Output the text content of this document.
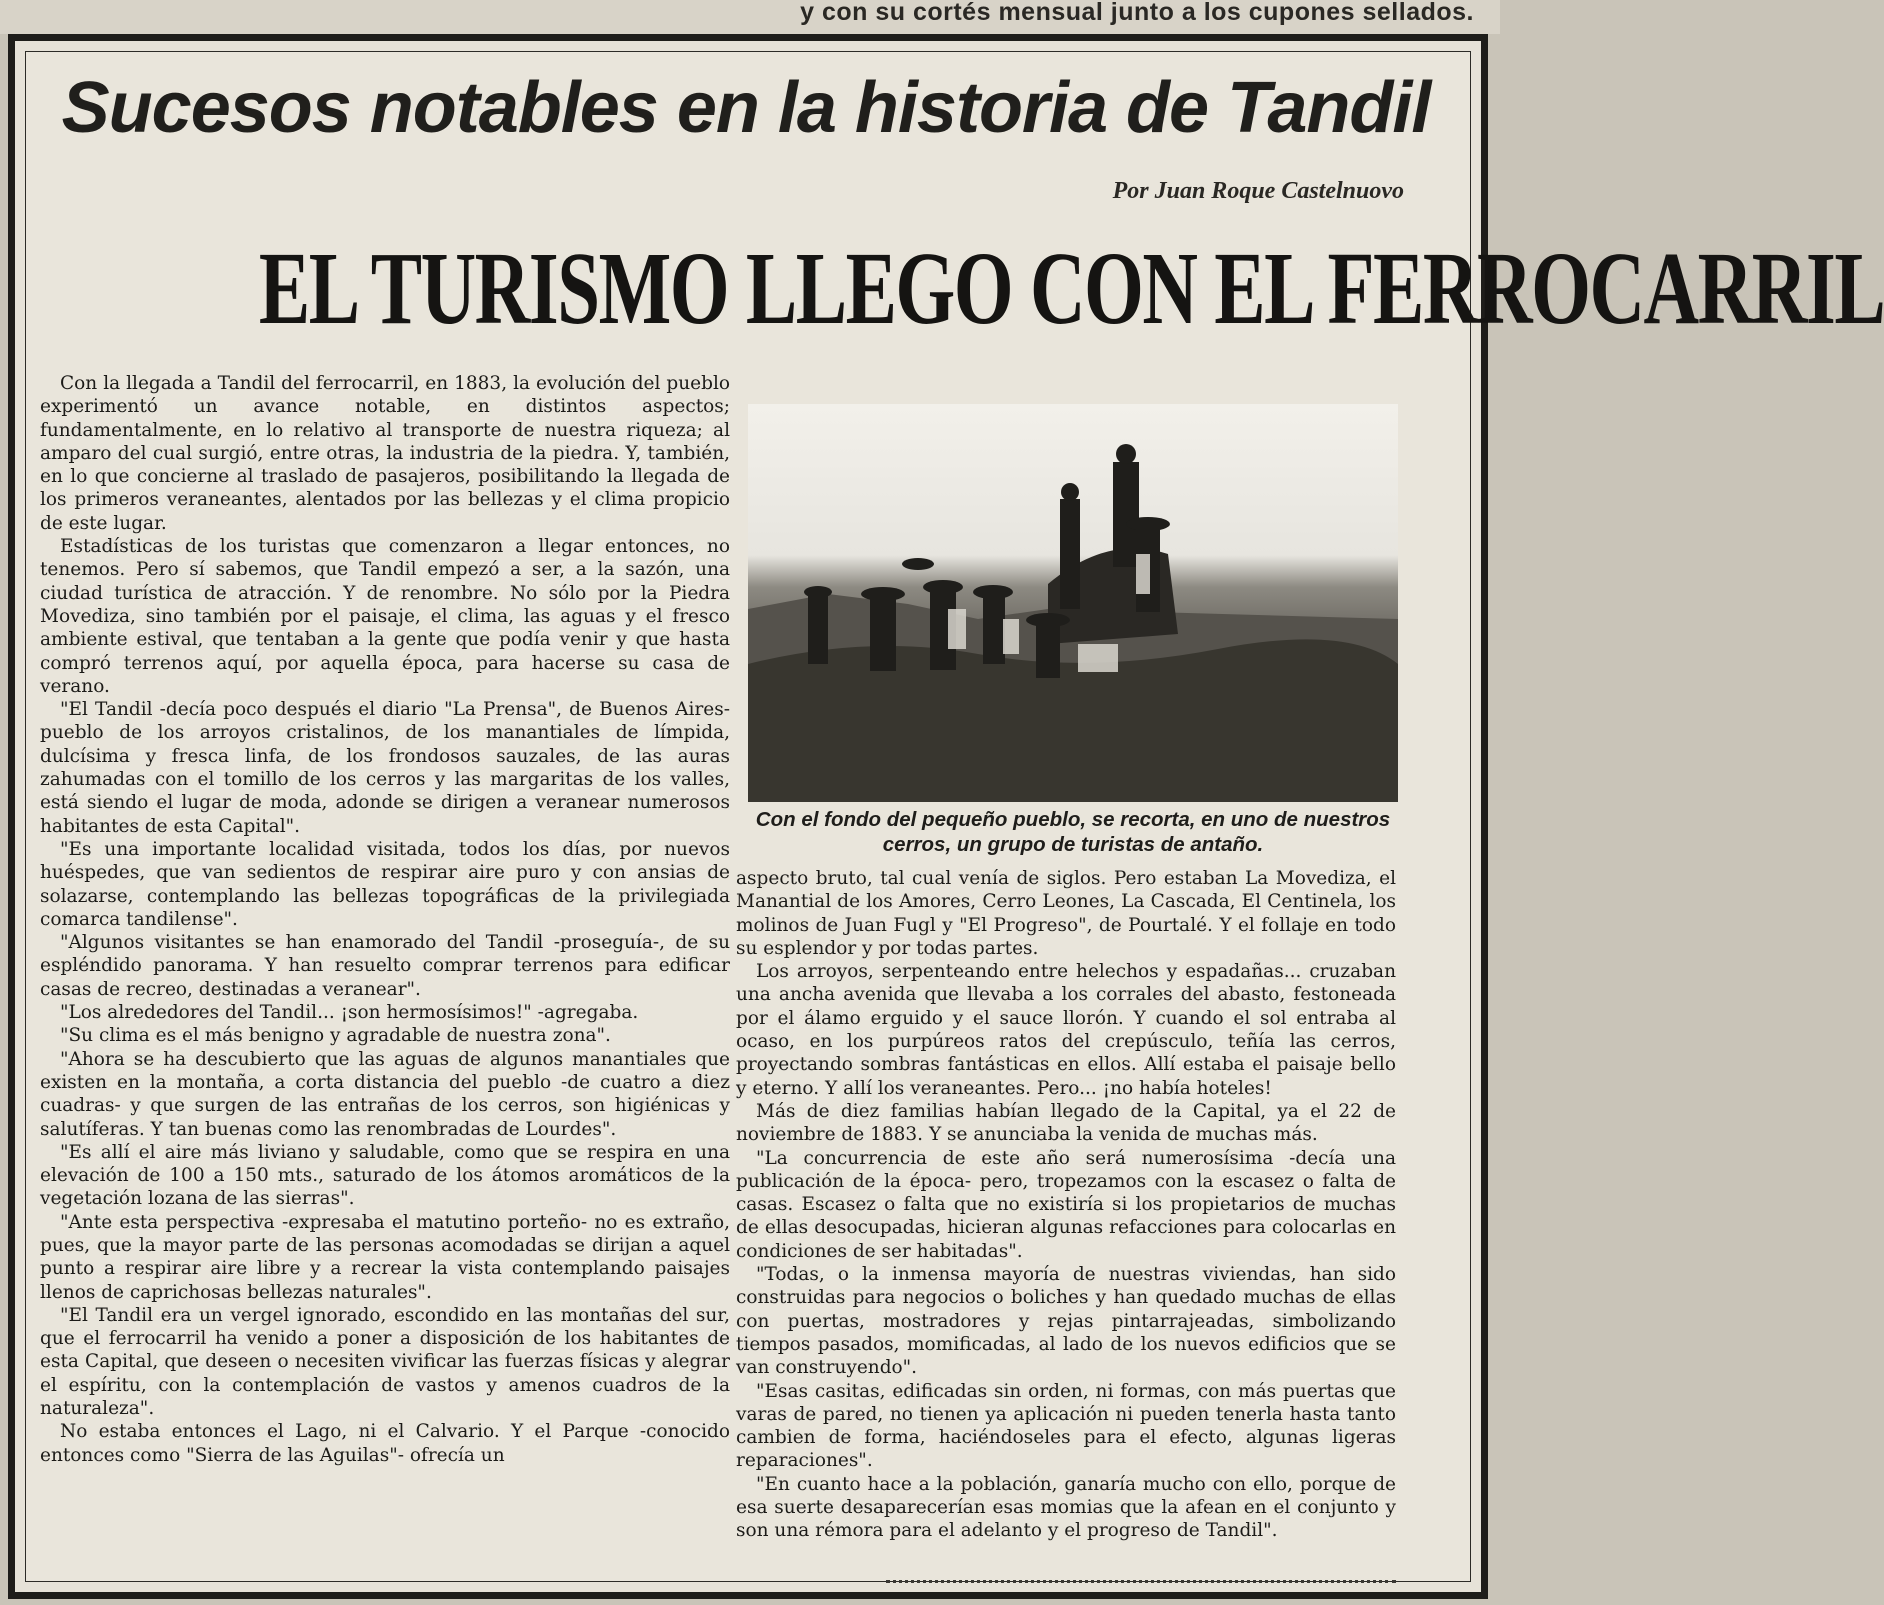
y con su cortés mensual junto a los cupones sellados.
Sucesos notables en la historia de Tandil
Por Juan Roque Castelnuovo
EL TURISMO LLEGO CON EL FERROCARRIL

Con la llegada a Tandil del ferrocarril, en 1883, la evolución del pueblo experimentó un avance notable, en distintos aspectos; fundamentalmente, en lo relativo al transporte de nuestra riqueza; al amparo del cual surgió, entre otras, la industria de la piedra. Y, también, en lo que concierne al traslado de pasajeros, posibilitando la llegada de los primeros veraneantes, alentados por las bellezas y el clima propicio de este lugar.

Estadísticas de los turistas que comenzaron a llegar entonces, no tenemos. Pero sí sabemos, que Tandil empezó a ser, a la sazón, una ciudad turística de atracción. Y de renombre. No sólo por la Piedra Movediza, sino también por el paisaje, el clima, las aguas y el fresco ambiente estival, que tentaban a la gente que podía venir y que hasta compró terrenos aquí, por aquella época, para hacerse su casa de verano.

"El Tandil -decía poco después el diario "La Prensa", de Buenos Aires- pueblo de los arroyos cristalinos, de los manantiales de límpida, dulcísima y fresca linfa, de los frondosos sauzales, de las auras zahumadas con el tomillo de los cerros y las margaritas de los valles, está siendo el lugar de moda, adonde se dirigen a veranear numerosos habitantes de esta Capital".

"Es una importante localidad visitada, todos los días, por nuevos huéspedes, que van sedientos de respirar aire puro y con ansias de solazarse, contemplando las bellezas topográficas de la privilegiada comarca tandilense".

"Algunos visitantes se han enamorado del Tandil -proseguía-, de su espléndido panorama. Y han resuelto comprar terrenos para edificar casas de recreo, destinadas a veranear".

"Los alrededores del Tandil... ¡son hermosísimos!" -agregaba.

"Su clima es el más benigno y agradable de nuestra zona".

"Ahora se ha descubierto que las aguas de algunos manantiales que existen en la montaña, a corta distancia del pueblo -de cuatro a diez cuadras- y que surgen de las entrañas de los cerros, son higiénicas y salutíferas. Y tan buenas como las renombradas de Lourdes".

"Es allí el aire más liviano y saludable, como que se respira en una elevación de 100 a 150 mts., saturado de los átomos aromáticos de la vegetación lozana de las sierras".

"Ante esta perspectiva -expresaba el matutino porteño- no es extraño, pues, que la mayor parte de las personas acomodadas se dirijan a aquel punto a respirar aire libre y a recrear la vista contemplando paisajes llenos de caprichosas bellezas naturales".

"El Tandil era un vergel ignorado, escondido en las montañas del sur, que el ferrocarril ha venido a poner a disposición de los habitantes de esta Capital, que deseen o necesiten vivificar las fuerzas físicas y alegrar el espíritu, con la contemplación de vastos y amenos cuadros de la naturaleza".

No estaba entonces el Lago, ni el Calvario. Y el Parque -conocido entonces como "Sierra de las Aguilas"- ofrecía un

Con el fondo del pequeño pueblo, se recorta, en uno de nuestros cerros, un grupo de turistas de antaño.

aspecto bruto, tal cual venía de siglos. Pero estaban La Movediza, el Manantial de los Amores, Cerro Leones, La Cascada, El Centinela, los molinos de Juan Fugl y "El Progreso", de Pourtalé. Y el follaje en todo su esplendor y por todas partes.

Los arroyos, serpenteando entre helechos y espadañas... cruzaban una ancha avenida que llevaba a los corrales del abasto, festoneada por el álamo erguido y el sauce llorón. Y cuando el sol entraba al ocaso, en los purpúreos ratos del crepúsculo, teñía las cerros, proyectando sombras fantásticas en ellos. Allí estaba el paisaje bello y eterno. Y allí los veraneantes. Pero... ¡no había hoteles!

Más de diez familias habían llegado de la Capital, ya el 22 de noviembre de 1883. Y se anunciaba la venida de muchas más.

"La concurrencia de este año será numerosísima -decía una publicación de la época- pero, tropezamos con la escasez o falta de casas. Escasez o falta que no existiría si los propietarios de muchas de ellas desocupadas, hicieran algunas refacciones para colocarlas en condiciones de ser habitadas".

"Todas, o la inmensa mayoría de nuestras viviendas, han sido construidas para negocios o boliches y han quedado muchas de ellas con puertas, mostradores y rejas pintarrajeadas, simbolizando tiempos pasados, momificadas, al lado de los nuevos edificios que se van construyendo".

"Esas casitas, edificadas sin orden, ni formas, con más puertas que varas de pared, no tienen ya aplicación ni pueden tenerla hasta tanto cambien de forma, haciéndoseles para el efecto, algunas ligeras reparaciones".

"En cuanto hace a la población, ganaría mucho con ello, porque de esa suerte desaparecerían esas momias que la afean en el conjunto y son una rémora para el adelanto y el progreso de Tandil".
